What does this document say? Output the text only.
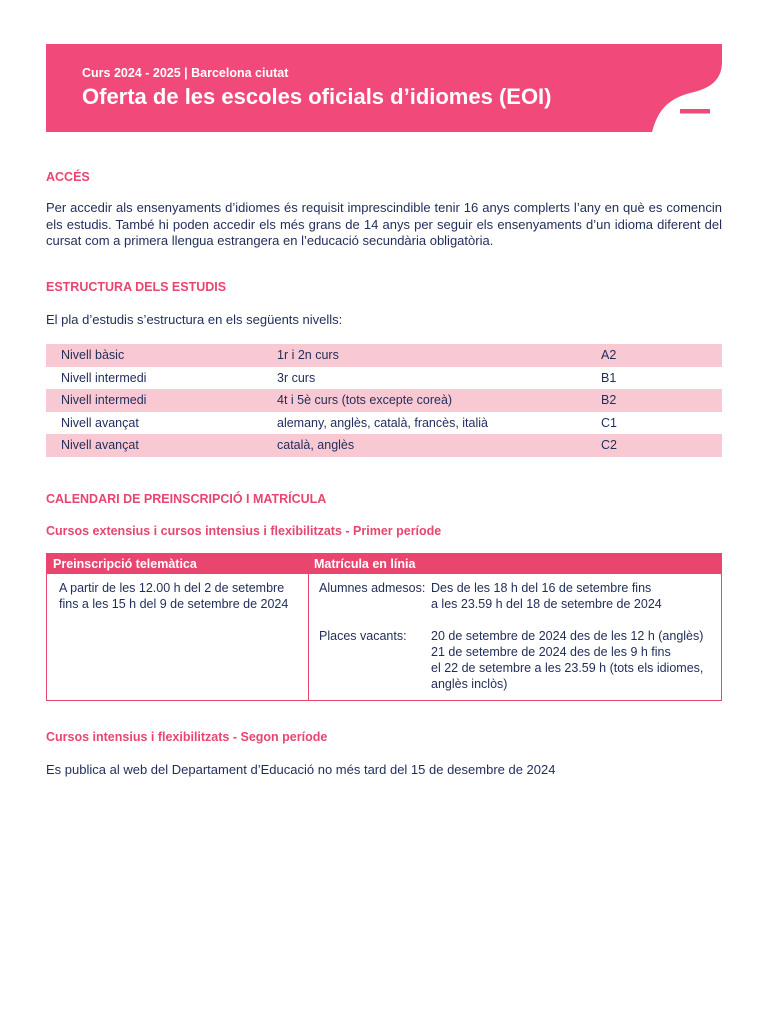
Curs 2024 - 2025 | Barcelona ciutat
Oferta de les escoles oficials d’idiomes (EOI)
ACCÉS
Per accedir als ensenyaments d’idiomes és requisit imprescindible tenir 16 anys complerts l’any en què es comencin els estudis. També hi poden accedir els més grans de 14 anys per seguir els ensenyaments d’un idioma diferent del cursat com a primera llengua estrangera en l’educació secundària obligatòria.
ESTRUCTURA DELS ESTUDIS
El pla d’estudis s’estructura en els següents nivells:
Nivell bàsic	1r i 2n curs	A2
Nivell intermedi	3r curs	B1
Nivell intermedi	4t i 5è curs (tots excepte coreà)	B2
Nivell avançat	alemany, anglès, català, francès, italià	C1
Nivell avançat	català, anglès	C2
CALENDARI DE PREINSCRIPCIÓ I MATRÍCULA
Cursos extensius i cursos intensius i flexibilitzats - Primer període
Preinscripció telemàtica	Matrícula en línia
A partir de les 12.00 h del 2 de setembre
fins a les 15 h del 9 de setembre de 2024
Alumnes admesos: Des de les 18 h del 16 de setembre fins
a les 23.59 h del 18 de setembre de 2024
Places vacants: 20 de setembre de 2024 des de les 12 h (anglès)
21 de setembre de 2024 des de les 9 h fins
el 22 de setembre a les 23.59 h (tots els idiomes,
anglès inclòs)
Cursos intensius i flexibilitzats - Segon període
Es publica al web del Departament d’Educació no més tard del 15 de desembre de 2024
